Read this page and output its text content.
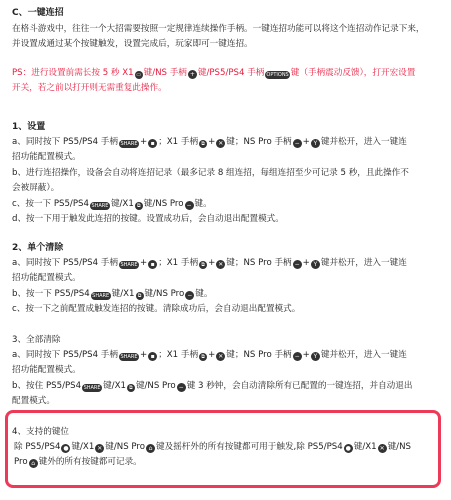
C、一键连招
在格斗游戏中，往往一个大招需要按照一定规律连续操作手柄。一键连招功能可以将这个连招动作记录下来，
并设置成通过某个按键触发，设置完成后，玩家即可一键连招。
PS：进行设置前需长按 5 秒 X1 ▭ 键/NS 手柄 + 键/PS5/PS4 手柄 OPTIONS 键（手柄震动反馈），打开宏设置
开关，若之前以打开则无需重复此操作。
1、设置
a、同时按下 PS5/PS4 手柄 SHARE + ▪ ；X1 手柄 ⧉ + ✕ 键；NS Pro 手柄 − + Y 键并松开，进入一键连
招功能配置模式。
b、进行连招操作，设备会自动将连招记录（最多记录 8 组连招，每组连招至少可记录 5 秒，且此操作不
会被屏蔽）。
c、按一下 PS5/PS4 SHARE 键/X1 ⧉ 键/NS Pro − 键。
d、按一下用于触发此连招的按键。设置成功后，会自动退出配置模式。
2、单个清除
a、同时按下 PS5/PS4 手柄 SHARE + ▪ ；X1 手柄 ⧉ + ✕ 键；NS Pro 手柄 − + Y 键并松开，进入一键连
招功能配置模式。
b、按一下 PS5/PS4 SHARE 键/X1 ⧉ 键/NS Pro − 键。
c、按一下之前配置成触发连招的按键。清除成功后，会自动退出配置模式。
3、全部清除
a、同时按下 PS5/PS4 手柄 SHARE + ▪ ；X1 手柄 ⧉ + ✕ 键；NS Pro 手柄 − + Y 键并松开，进入一键连
招功能配置模式。
b、按住 PS5/PS4 SHARE 键/X1 ⧉ 键/NS Pro − 键 3 秒钟，会自动清除所有已配置的一键连招，并自动退出
配置模式。
4、支持的键位
除 PS5/PS4 ● 键/X1 ✕ 键/NS Pro ⌂ 键及摇杆外的所有按键都可用于触发,除 PS5/PS4 ● 键/X1 ✕ 键/NS
Pro ⌂ 键外的所有按键都可记录。
